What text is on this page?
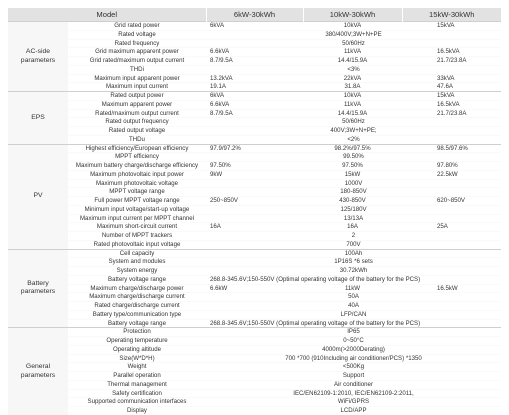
Model		6kW-30kWh	10kW-30kWh	15kW-30kWh
AC-side parameters	Grid rated power	6kVA	10kVA	15kVA
	Rated voltage	380/400V;3W+N+PE		
	Rated frequency	50/60Hz		
	Grid maximum apparent power	6.6kVA	11kVA	16.5kVA
	Grid rated/maximum output current	8.7/9.5A	14.4/15.9A	21.7/23.8A
	THDi	<3%		
	Maximum input apparent power	13.2kVA	22kVA	33kVA
	Maximum input current	19.1A	31.8A	47.6A
EPS	Rated output power	6kVA	10kVA	15kVA
	Maximum apparent power	6.6kVA	11kVA	16.5kVA
	Rated/maximum output current	8.7/9.5A	14.4/15.9A	21.7/23.8A
	Rated output frequency	50/60Hz		
	Rated output voltage	400V;3W+N+PE;		
	THDu	<2%		
PV	Highest efficiency/European efficiency	97.9/97.2%	98.2%/97.5%	98.5/97.6%
	MPPT efficiency	99.50%		
	Maximum battery charge/discharge efficiency	97.50%	97.50%	97.80%
	Maximum photovoltaic input power	9kW	15kW	22.5kW
	Maximum photovoltaic voltage	1000V		
	MPPT voltage range	180-850V		
	Full power MPPT voltage range	250~850V	430-850V	620~850V
	Minimum input voltage/start-up voltage	125/180V		
	Maximum input current per MPPT channel	13/13A		
	Maximum short-circuit current	16A	16A	25A
	Number of MPPT trackers	2		
	Rated photovoltaic input voltage	700V		
Battery parameters	Cell capacity	100Ah		
	System and modules	1P16S *6 sets		
	System energy	30.72kWh		
	Battery voltage range	268.8-345.6V;150-550V (Optimal operating voltage of the battery for the PCS)		
	Maximum charge/discharge power	6.6kW	11kW	16.5kW
	Maximum charge/discharge current	50A		
	Rated charge/discharge current	40A		
	Battery type/communication type	LFP/CAN		
	Battery voltage range	268.8-345.6V;150-550V (Optimal operating voltage of the battery for the PCS)		
General parameters	Protection	IP65		
	Operating temperature	0~50°C		
	Operating altitude	4000m(>2000Derating)		
	Size(W*D*H)	700 *700 (910Including air conditioner/PCS) *1350		
	Weight	<500Kg		
	Parallel operation	Support		
	Thermal management	Air conditioner		
	Safety certification	IEC/EN62109-1:2010, IEC/EN62109-2:2011,		
	Supported communication interfaces	WiFi/GPRS		
	Display	LCD/APP		
